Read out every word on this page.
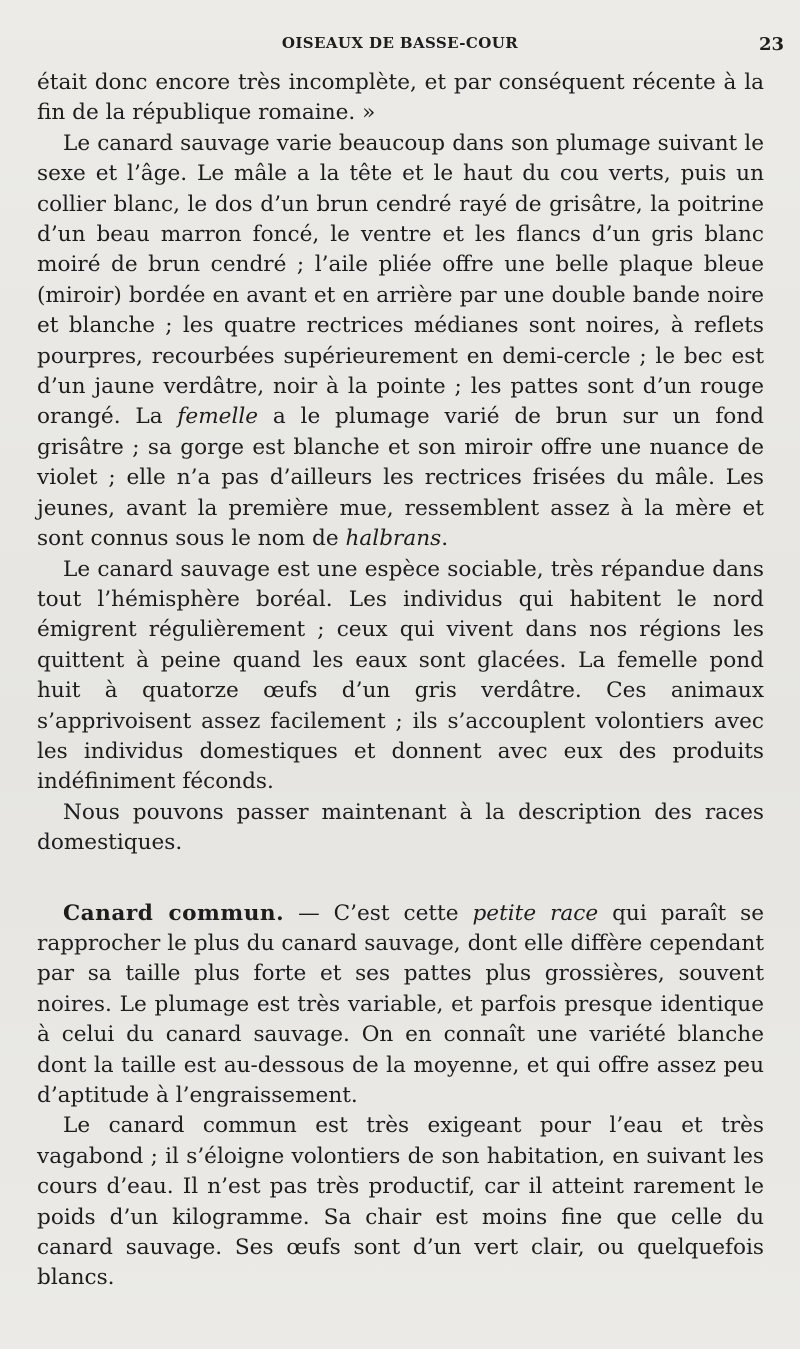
OISEAUX DE BASSE-COUR	23

était donc encore très incomplète, et par conséquent récente à la fin de la république romaine. »

Le canard sauvage varie beaucoup dans son plumage suivant le sexe et l’âge. Le mâle a la tête et le haut du cou verts, puis un collier blanc, le dos d’un brun cendré rayé de grisâtre, la poitrine d’un beau marron foncé, le ventre et les flancs d’un gris blanc moiré de brun cendré ; l’aile pliée offre une belle plaque bleue (miroir) bordée en avant et en arrière par une double bande noire et blanche ; les quatre rectrices médianes sont noires, à reflets pourpres, recourbées supérieurement en demi-cercle ; le bec est d’un jaune verdâtre, noir à la pointe ; les pattes sont d’un rouge orangé. La femelle a le plumage varié de brun sur un fond grisâtre ; sa gorge est blanche et son miroir offre une nuance de violet ; elle n’a pas d’ailleurs les rectrices frisées du mâle. Les jeunes, avant la première mue, ressemblent assez à la mère et sont connus sous le nom de halbrans.

Le canard sauvage est une espèce sociable, très répandue dans tout l’hémisphère boréal. Les individus qui habitent le nord émigrent régulièrement ; ceux qui vivent dans nos régions les quittent à peine quand les eaux sont glacées. La femelle pond huit à quatorze œufs d’un gris verdâtre. Ces animaux s’apprivoisent assez facilement ; ils s’accouplent volontiers avec les individus domestiques et donnent avec eux des produits indéfiniment féconds.

Nous pouvons passer maintenant à la description des races domestiques.

Canard commun. — C’est cette petite race qui paraît se rapprocher le plus du canard sauvage, dont elle diffère cependant par sa taille plus forte et ses pattes plus grossières, souvent noires. Le plumage est très variable, et parfois presque identique à celui du canard sauvage. On en connaît une variété blanche dont la taille est au-dessous de la moyenne, et qui offre assez peu d’aptitude à l’engraissement.

Le canard commun est très exigeant pour l’eau et très vagabond ; il s’éloigne volontiers de son habitation, en suivant les cours d’eau. Il n’est pas très productif, car il atteint rarement le poids d’un kilogramme. Sa chair est moins fine que celle du canard sauvage. Ses œufs sont d’un vert clair, ou quelquefois blancs.
